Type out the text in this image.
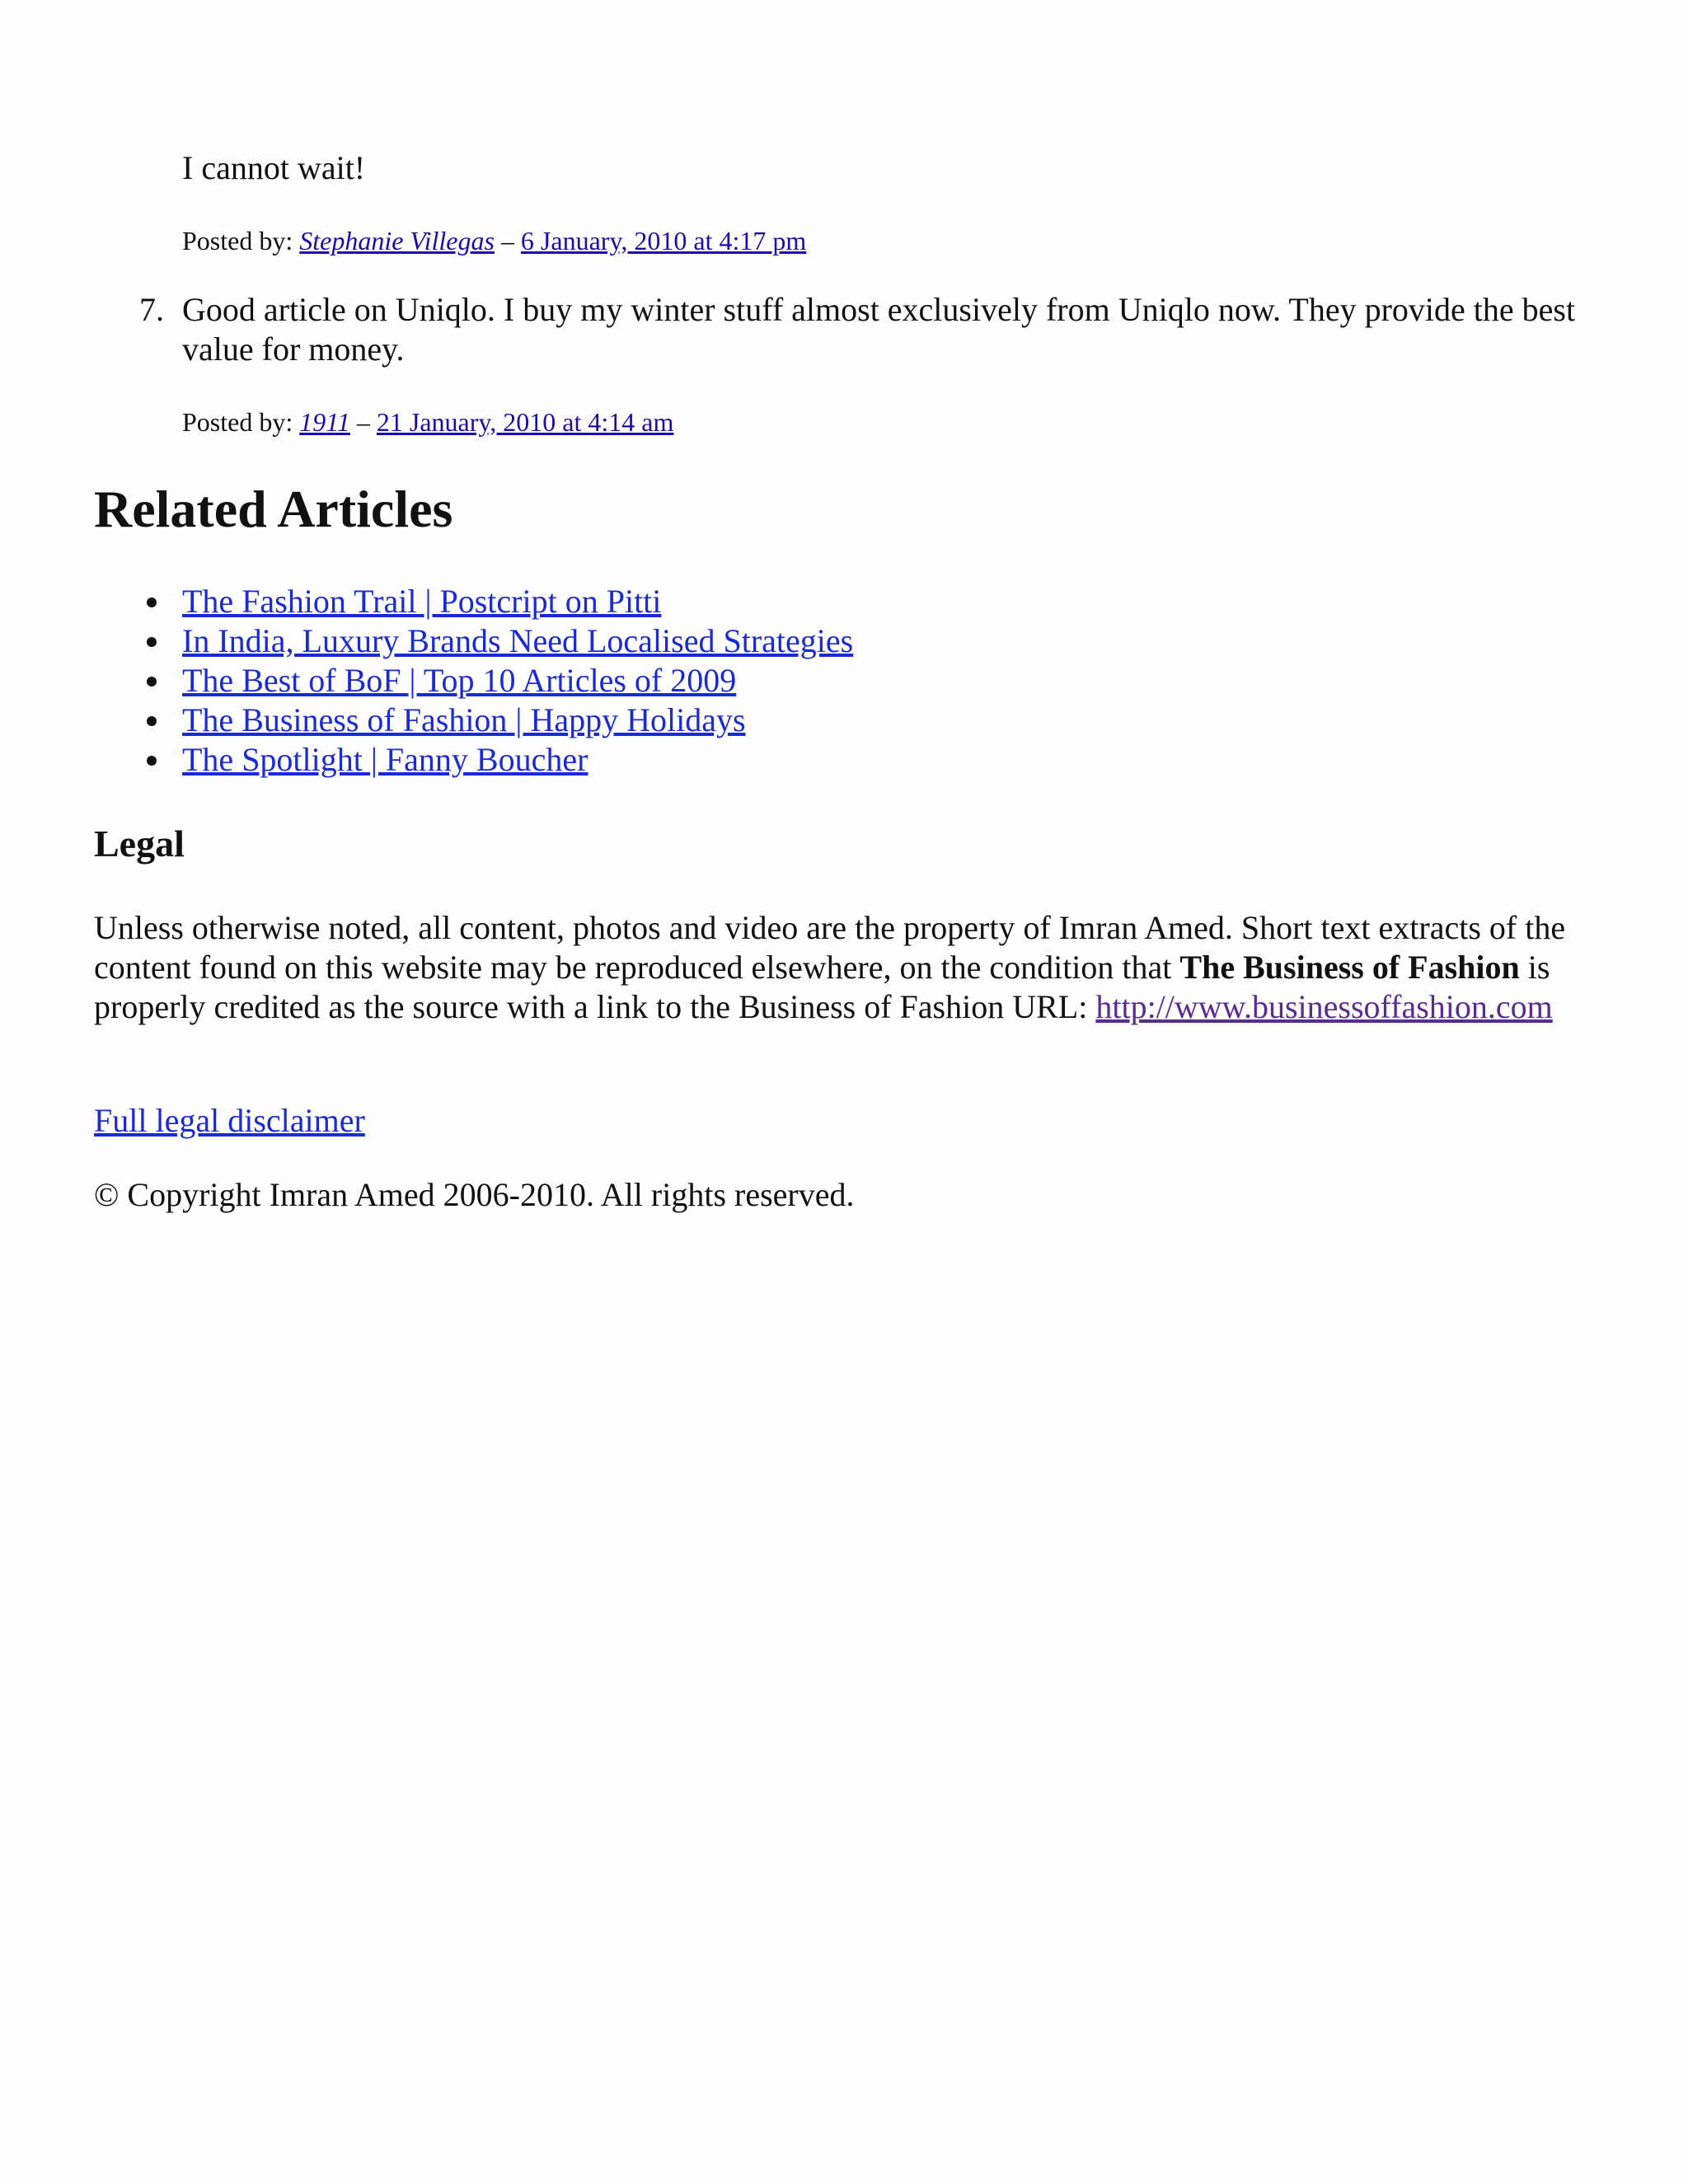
I cannot wait!

Posted by: Stephanie Villegas – 6 January, 2010 at 4:17 pm

7. Good article on Uniqlo. I buy my winter stuff almost exclusively from Uniqlo now. They provide the best value for money.

Posted by: 1911 – 21 January, 2010 at 4:14 am

Related Articles
The Fashion Trail | Postcript on Pitti
In India, Luxury Brands Need Localised Strategies
The Best of BoF | Top 10 Articles of 2009
The Business of Fashion | Happy Holidays
The Spotlight | Fanny Boucher
Legal

Unless otherwise noted, all content, photos and video are the property of Imran Amed. Short text extracts of the content found on this website may be reproduced elsewhere, on the condition that The Business of Fashion is properly credited as the source with a link to the Business of Fashion URL: http://www.businessoffashion.com

Full legal disclaimer

© Copyright Imran Amed 2006-2010. All rights reserved.
